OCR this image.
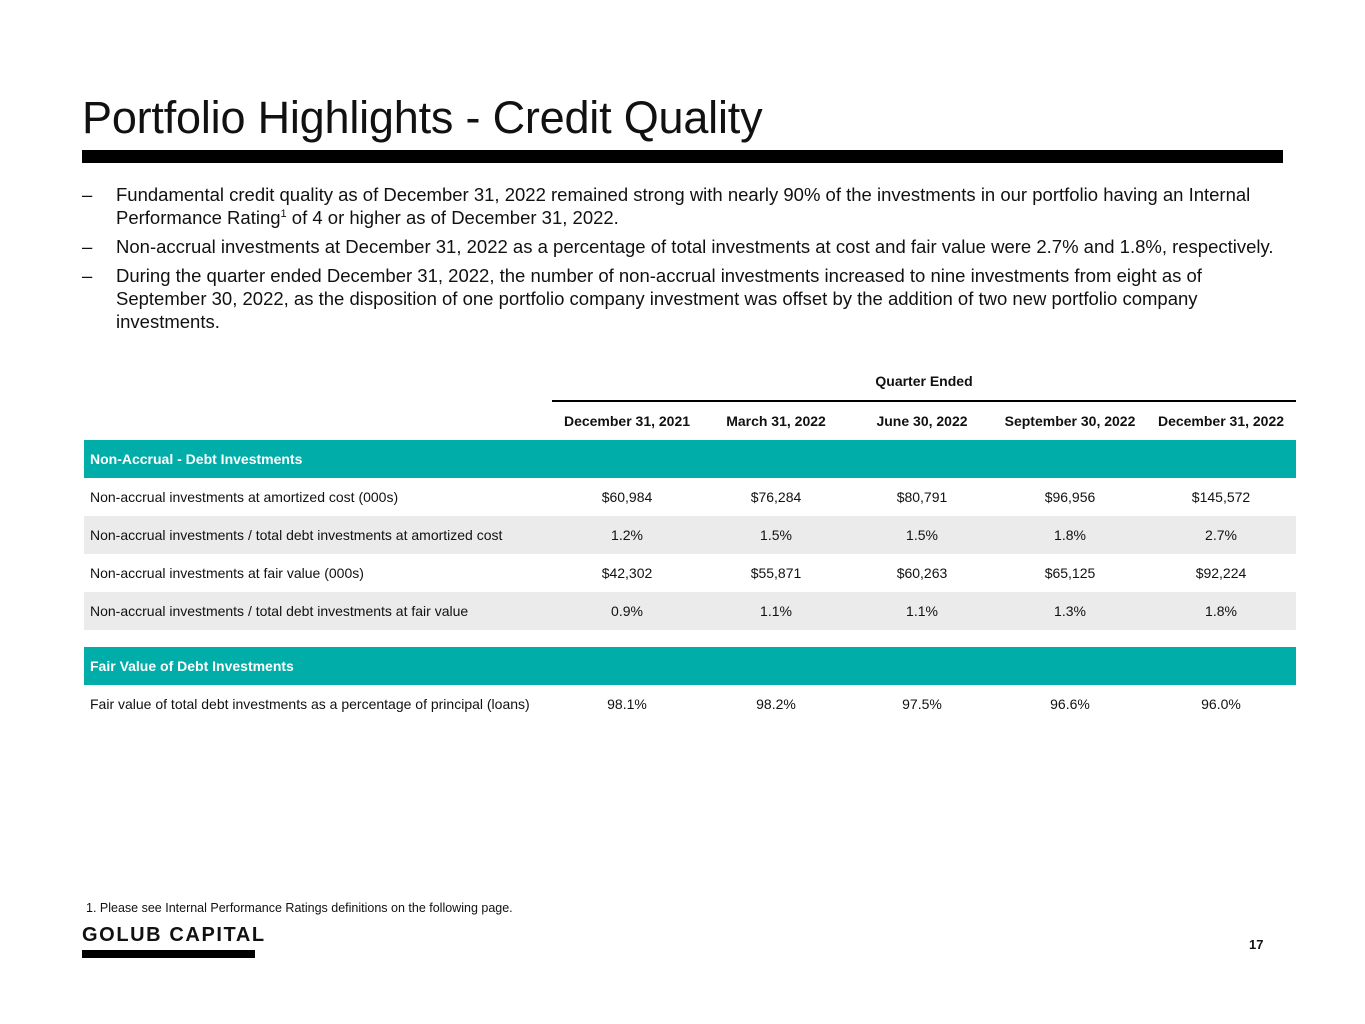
Portfolio Highlights - Credit Quality
– Fundamental credit quality as of December 31, 2022 remained strong with nearly 90% of the investments in our portfolio having an Internal Performance Rating$^1$ of 4 or higher as of December 31, 2022.
– Non-accrual investments at December 31, 2022 as a percentage of total investments at cost and fair value were 2.7% and 1.8%, respectively.
– During the quarter ended December 31, 2022, the number of non-accrual investments increased to nine investments from eight as of September 30, 2022, as the disposition of one portfolio company investment was offset by the addition of two new portfolio company investments.
Quarter Ended
	December 31, 2021	March 31, 2022	June 30, 2022	September 30, 2022	December 31, 2022
Non-Accrual - Debt Investments					
Non-accrual investments at amortized cost (000s)	$60,984	$76,284	$80,791	$96,956	$145,572
Non-accrual investments / total debt investments at amortized cost	1.2%	1.5%	1.5%	1.8%	2.7%
Non-accrual investments at fair value (000s)	$42,302	$55,871	$60,263	$65,125	$92,224
Non-accrual investments / total debt investments at fair value	0.9%	1.1%	1.1%	1.3%	1.8%

Fair Value of Debt Investments					
Fair value of total debt investments as a percentage of principal (loans)	98.1%	98.2%	97.5%	96.6%	96.0%
1. Please see Internal Performance Ratings definitions on the following page.
GOLUB CAPITAL	17
